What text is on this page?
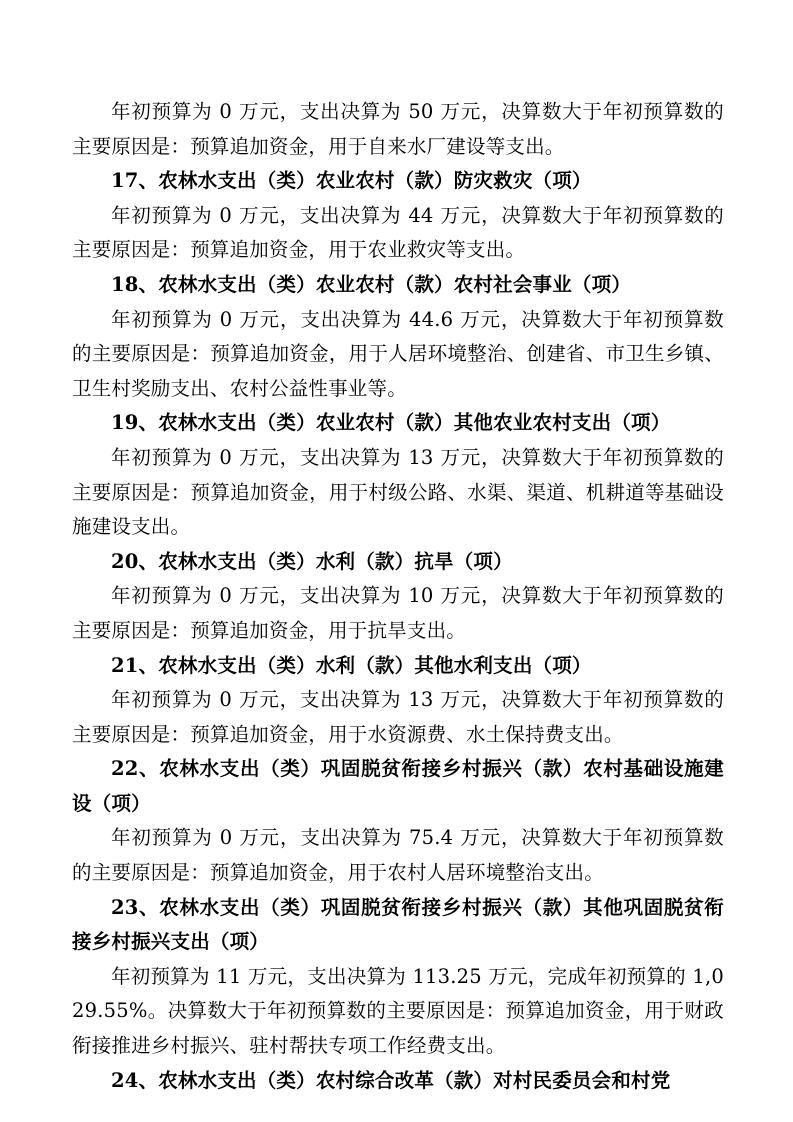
年初预算为 0 万元，支出决算为 50 万元，决算数大于年初预算数的主要原因是：预算追加资金，用于自来水厂建设等支出。

17、农林水支出（类）农业农村（款）防灾救灾（项）

年初预算为 0 万元，支出决算为 44 万元，决算数大于年初预算数的主要原因是：预算追加资金，用于农业救灾等支出。

18、农林水支出（类）农业农村（款）农村社会事业（项）

年初预算为 0 万元，支出决算为 44.6 万元，决算数大于年初预算数的主要原因是：预算追加资金，用于人居环境整治、创建省、市卫生乡镇、卫生村奖励支出、农村公益性事业等。

19、农林水支出（类）农业农村（款）其他农业农村支出（项）

年初预算为 0 万元，支出决算为 13 万元，决算数大于年初预算数的主要原因是：预算追加资金，用于村级公路、水渠、渠道、机耕道等基础设施建设支出。

20、农林水支出（类）水利（款）抗旱（项）

年初预算为 0 万元，支出决算为 10 万元，决算数大于年初预算数的主要原因是：预算追加资金，用于抗旱支出。

21、农林水支出（类）水利（款）其他水利支出（项）

年初预算为 0 万元，支出决算为 13 万元，决算数大于年初预算数的主要原因是：预算追加资金，用于水资源费、水土保持费支出。

22、农林水支出（类）巩固脱贫衔接乡村振兴（款）农村基础设施建设（项）

年初预算为 0 万元，支出决算为 75.4 万元，决算数大于年初预算数的主要原因是：预算追加资金，用于农村人居环境整治支出。

23、农林水支出（类）巩固脱贫衔接乡村振兴（款）其他巩固脱贫衔接乡村振兴支出（项）

年初预算为 11 万元，支出决算为 113.25 万元，完成年初预算的 1,029.55%。决算数大于年初预算数的主要原因是：预算追加资金，用于财政衔接推进乡村振兴、驻村帮扶专项工作经费支出。

24、农林水支出（类）农村综合改革（款）对村民委员会和村党
